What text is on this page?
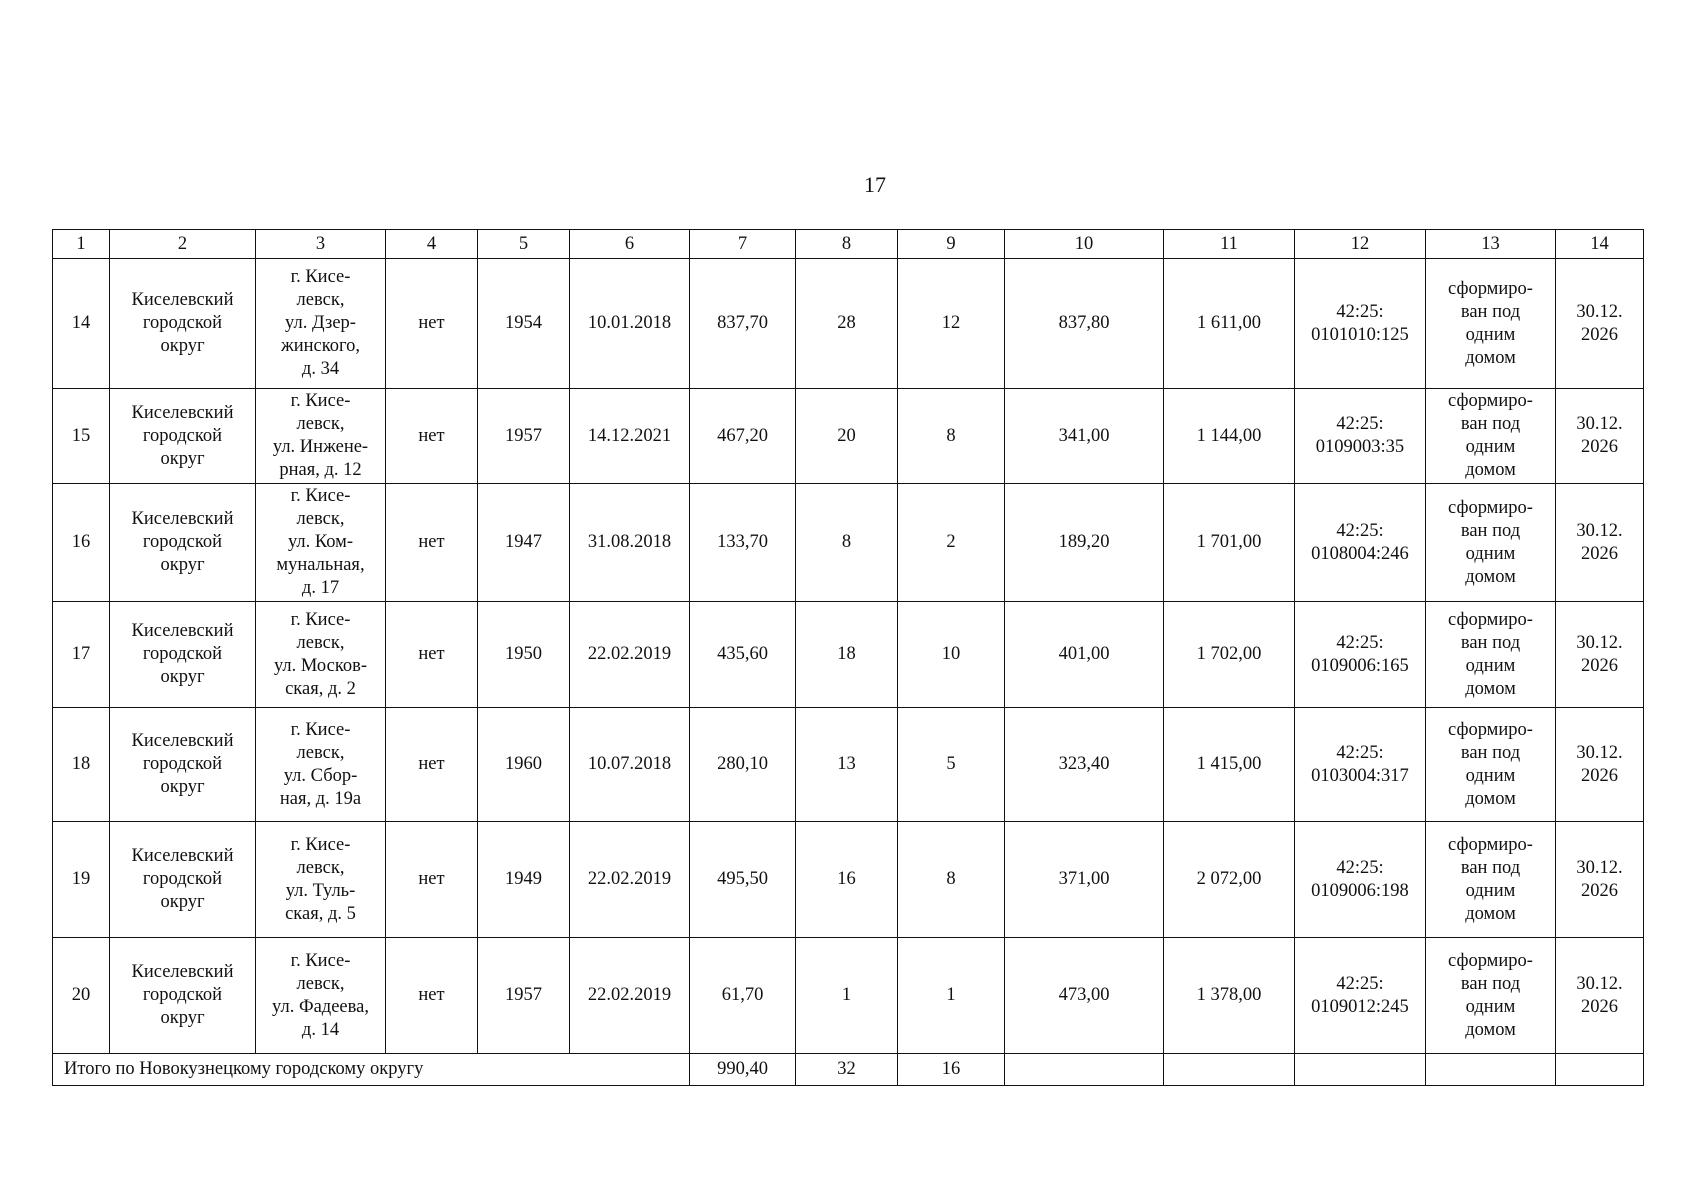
17
1	2	3	4	5	6	7	8	9	10	11	12	13	14
14	Киселевский
городской
округ	г. Кисе-
левск,
ул. Дзер-
жинского,
д. 34	нет	1954	10.01.2018	837,70	28	12	837,80	1 611,00	42:25:
0101010:125	сформиро-
ван под
одним
домом	30.12.
2026
15	Киселевский
городской
округ	г. Кисе-
левск,
ул. Инжене-
рная, д. 12	нет	1957	14.12.2021	467,20	20	8	341,00	1 144,00	42:25:
0109003:35	сформиро-
ван под
одним
домом	30.12.
2026
16	Киселевский
городской
округ	г. Кисе-
левск,
ул. Ком-
мунальная,
д. 17	нет	1947	31.08.2018	133,70	8	2	189,20	1 701,00	42:25:
0108004:246	сформиро-
ван под
одним
домом	30.12.
2026
17	Киселевский
городской
округ	г. Кисе-
левск,
ул. Москов-
ская, д. 2	нет	1950	22.02.2019	435,60	18	10	401,00	1 702,00	42:25:
0109006:165	сформиро-
ван под
одним
домом	30.12.
2026
18	Киселевский
городской
округ	г. Кисе-
левск,
ул. Сбор-
ная, д. 19а	нет	1960	10.07.2018	280,10	13	5	323,40	1 415,00	42:25:
0103004:317	сформиро-
ван под
одним
домом	30.12.
2026
19	Киселевский
городской
округ	г. Кисе-
левск,
ул. Туль-
ская, д. 5	нет	1949	22.02.2019	495,50	16	8	371,00	2 072,00	42:25:
0109006:198	сформиро-
ван под
одним
домом	30.12.
2026
20	Киселевский
городской
округ	г. Кисе-
левск,
ул. Фадеева,
д. 14	нет	1957	22.02.2019	61,70	1	1	473,00	1 378,00	42:25:
0109012:245	сформиро-
ван под
одним
домом	30.12.
2026
Итого по Новокузнецкому городскому округу						990,40	32	16					
